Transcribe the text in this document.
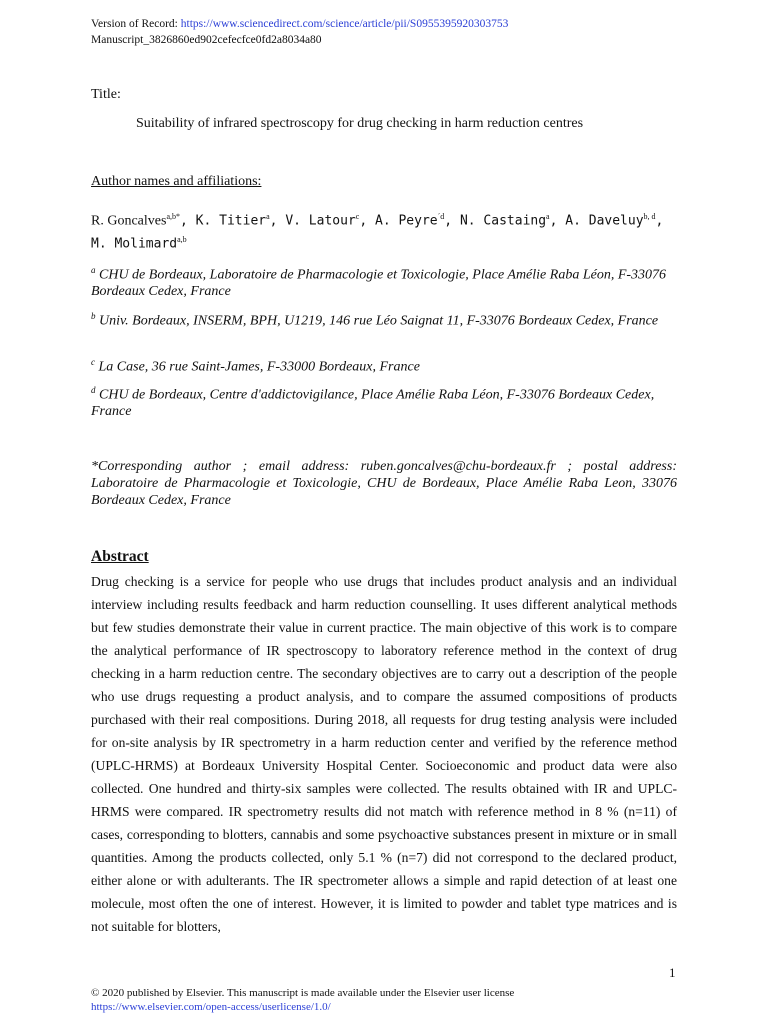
Version of Record: https://www.sciencedirect.com/science/article/pii/S0955395920303753
Manuscript_3826860ed902cefecfce0fd2a8034a80
Title:
Suitability of infrared spectroscopy for drug checking in harm reduction centres
Author names and affiliations:
R. Goncalves$^{a,b*}$, K. Titier$^a$, V. Latour$^c$, A. Peyre$^{´d}$, N. Castaing$^a$, A. Daveluy$^{b, d}$, M. Molimard$^{a,b}$
$^a$ CHU de Bordeaux, Laboratoire de Pharmacologie et Toxicologie, Place Amélie Raba Léon, F-33076 Bordeaux Cedex, France
$^b$ Univ. Bordeaux, INSERM, BPH, U1219, 146 rue Léo Saignat 11, F-33076 Bordeaux Cedex, France
$^c$ La Case, 36 rue Saint-James, F-33000 Bordeaux, France
$^d$ CHU de Bordeaux, Centre d'addictovigilance, Place Amélie Raba Léon, F-33076 Bordeaux Cedex, France
*Corresponding author ; email address: ruben.goncalves@chu-bordeaux.fr ; postal address: Laboratoire de Pharmacologie et Toxicologie, CHU de Bordeaux, Place Amélie Raba Leon, 33076 Bordeaux Cedex, France
Abstract
Drug checking is a service for people who use drugs that includes product analysis and an individual interview including results feedback and harm reduction counselling. It uses different analytical methods but few studies demonstrate their value in current practice. The main objective of this work is to compare the analytical performance of IR spectroscopy to laboratory reference method in the context of drug checking in a harm reduction centre. The secondary objectives are to carry out a description of the people who use drugs requesting a product analysis, and to compare the assumed compositions of products purchased with their real compositions. During 2018, all requests for drug testing analysis were included for on-site analysis by IR spectrometry in a harm reduction center and verified by the reference method (UPLC-HRMS) at Bordeaux University Hospital Center. Socioeconomic and product data were also collected. One hundred and thirty-six samples were collected. The results obtained with IR and UPLC-HRMS were compared. IR spectrometry results did not match with reference method in 8 % (n=11) of cases, corresponding to blotters, cannabis and some psychoactive substances present in mixture or in small quantities. Among the products collected, only 5.1 % (n=7) did not correspond to the declared product, either alone or with adulterants. The IR spectrometer allows a simple and rapid detection of at least one molecule, most often the one of interest. However, it is limited to powder and tablet type matrices and is not suitable for blotters,
1
© 2020 published by Elsevier. This manuscript is made available under the Elsevier user license
https://www.elsevier.com/open-access/userlicense/1.0/
